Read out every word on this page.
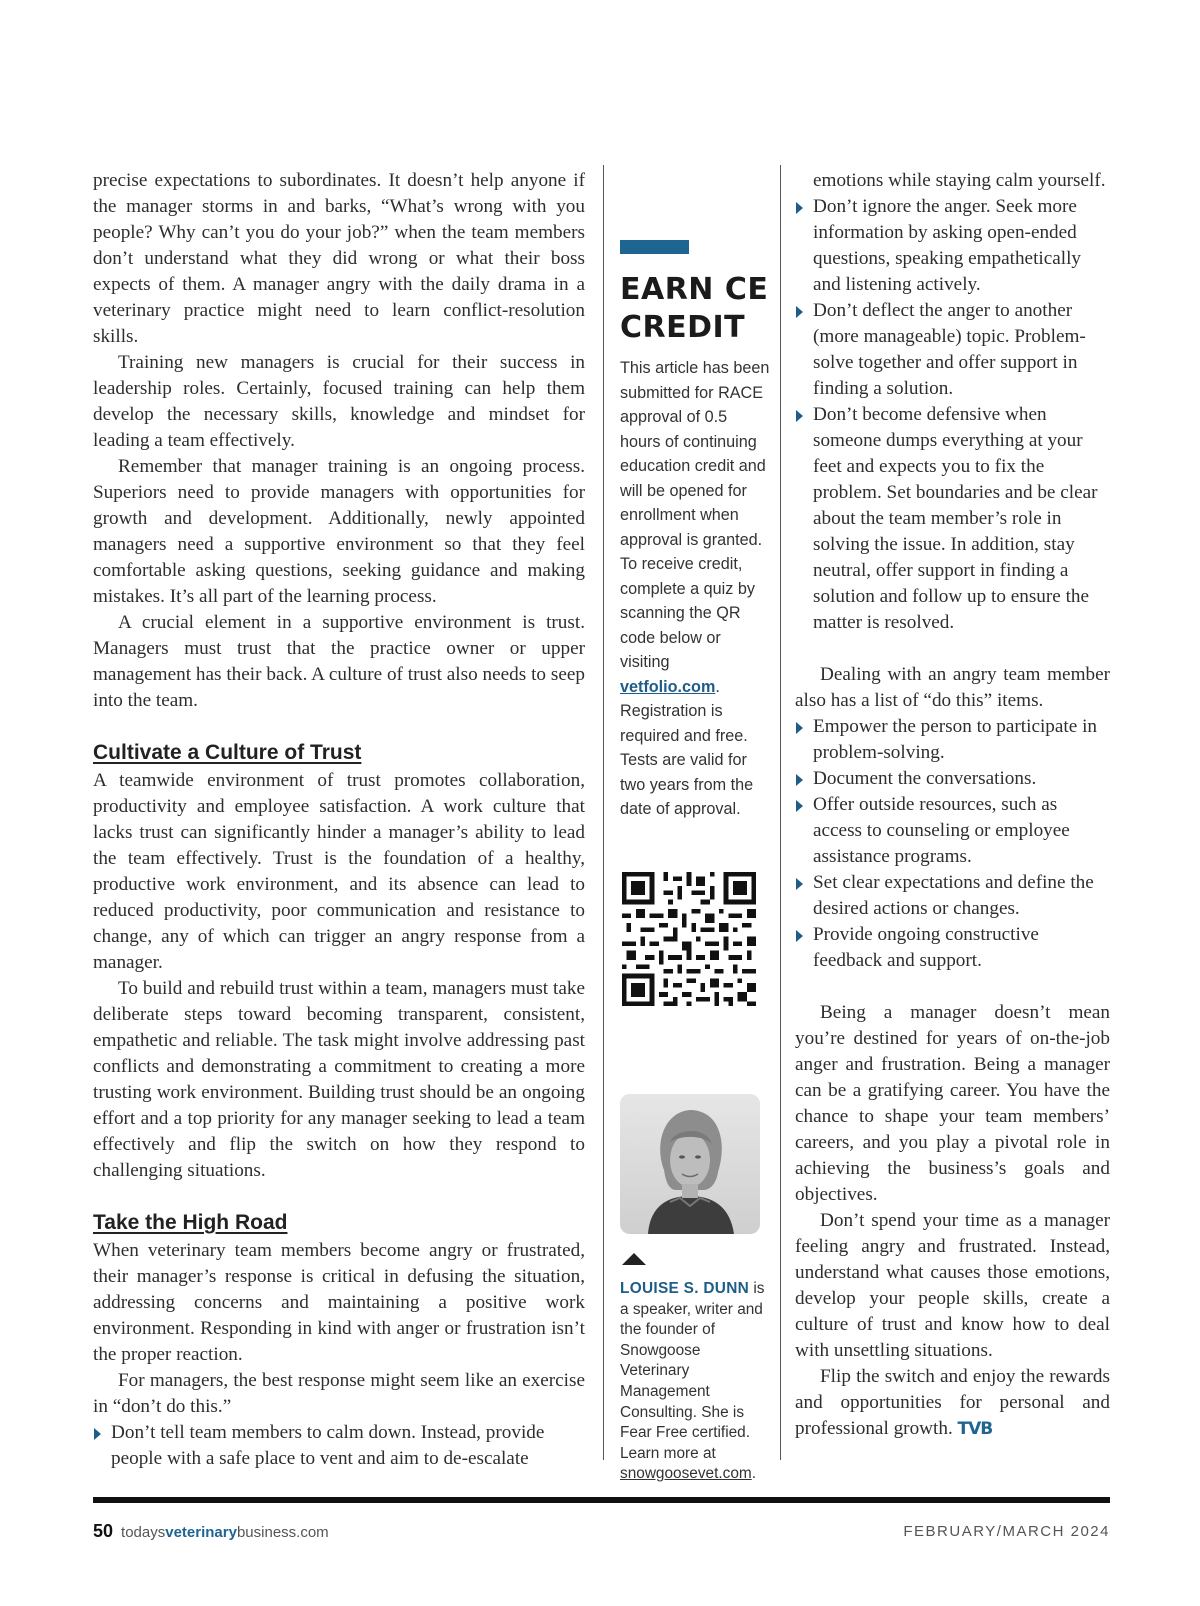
precise expectations to subordinates. It doesn’t help anyone if the manager storms in and barks, “What’s wrong with you people? Why can’t you do your job?” when the team members don’t understand what they did wrong or what their boss expects of them. A manager angry with the daily drama in a veterinary practice might need to learn conflict-resolution skills.

Training new managers is crucial for their success in leadership roles. Certainly, focused training can help them develop the necessary skills, knowledge and mindset for leading a team effectively.

Remember that manager training is an ongoing process. Superiors need to provide managers with opportunities for growth and development. Additionally, newly appointed managers need a supportive environment so that they feel comfortable asking questions, seeking guidance and making mistakes. It’s all part of the learning process.

A crucial element in a supportive environment is trust. Managers must trust that the practice owner or upper management has their back. A culture of trust also needs to seep into the team.

Cultivate a Culture of Trust

A teamwide environment of trust promotes collaboration, productivity and employee satisfaction. A work culture that lacks trust can significantly hinder a manager’s ability to lead the team effectively. Trust is the foundation of a healthy, productive work environment, and its absence can lead to reduced productivity, poor communication and resistance to change, any of which can trigger an angry response from a manager.

To build and rebuild trust within a team, managers must take deliberate steps toward becoming transparent, consistent, empathetic and reliable. The task might involve addressing past conflicts and demonstrating a commitment to creating a more trusting work environment. Building trust should be an ongoing effort and a top priority for any manager seeking to lead a team effectively and flip the switch on how they respond to challenging situations.

Take the High Road

When veterinary team members become angry or frustrated, their manager’s response is critical in defusing the situation, addressing concerns and maintaining a positive work environment. Responding in kind with anger or frustration isn’t the proper reaction.

For managers, the best response might seem like an exercise in “don’t do this.”

Don’t tell team members to calm down. Instead, provide people with a safe place to vent and aim to de-escalate
EARN CE CREDIT
This article has been submitted for RACE approval of 0.5 hours of continuing education credit and will be opened for enrollment when approval is granted. To receive credit, complete a quiz by scanning the QR code below or visiting vetfolio.com. Registration is required and free. Tests are valid for two years from the date of approval.
LOUISE S. DUNN is a speaker, writer and the founder of Snowgoose Veterinary Management Consulting. She is Fear Free certified. Learn more at snowgoosevet.com.

emotions while staying calm yourself.

Don’t ignore the anger. Seek more information by asking open-ended questions, speaking empathetically and listening actively.
Don’t deflect the anger to another (more manageable) topic. Problem-solve together and offer support in finding a solution.
Don’t become defensive when someone dumps everything at your feet and expects you to fix the problem. Set boundaries and be clear about the team member’s role in solving the issue. In addition, stay neutral, offer support in finding a solution and follow up to ensure the matter is resolved.

Dealing with an angry team member also has a list of “do this” items.

Empower the person to participate in problem-solving.
Document the conversations.
Offer outside resources, such as access to counseling or employee assistance programs.
Set clear expectations and define the desired actions or changes.
Provide ongoing constructive feedback and support.

Being a manager doesn’t mean you’re destined for years of on-the-job anger and frustration. Being a manager can be a gratifying career. You have the chance to shape your team members’ careers, and you play a pivotal role in achieving the business’s goals and objectives.

Don’t spend your time as a manager feeling angry and frustrated. Instead, understand what causes those emotions, develop your people skills, create a culture of trust and know how to deal with unsettling situations.

Flip the switch and enjoy the rewards and opportunities for personal and professional growth. TVB

50 todaysveterinarybusiness.com	FEBRUARY/MARCH 2024
